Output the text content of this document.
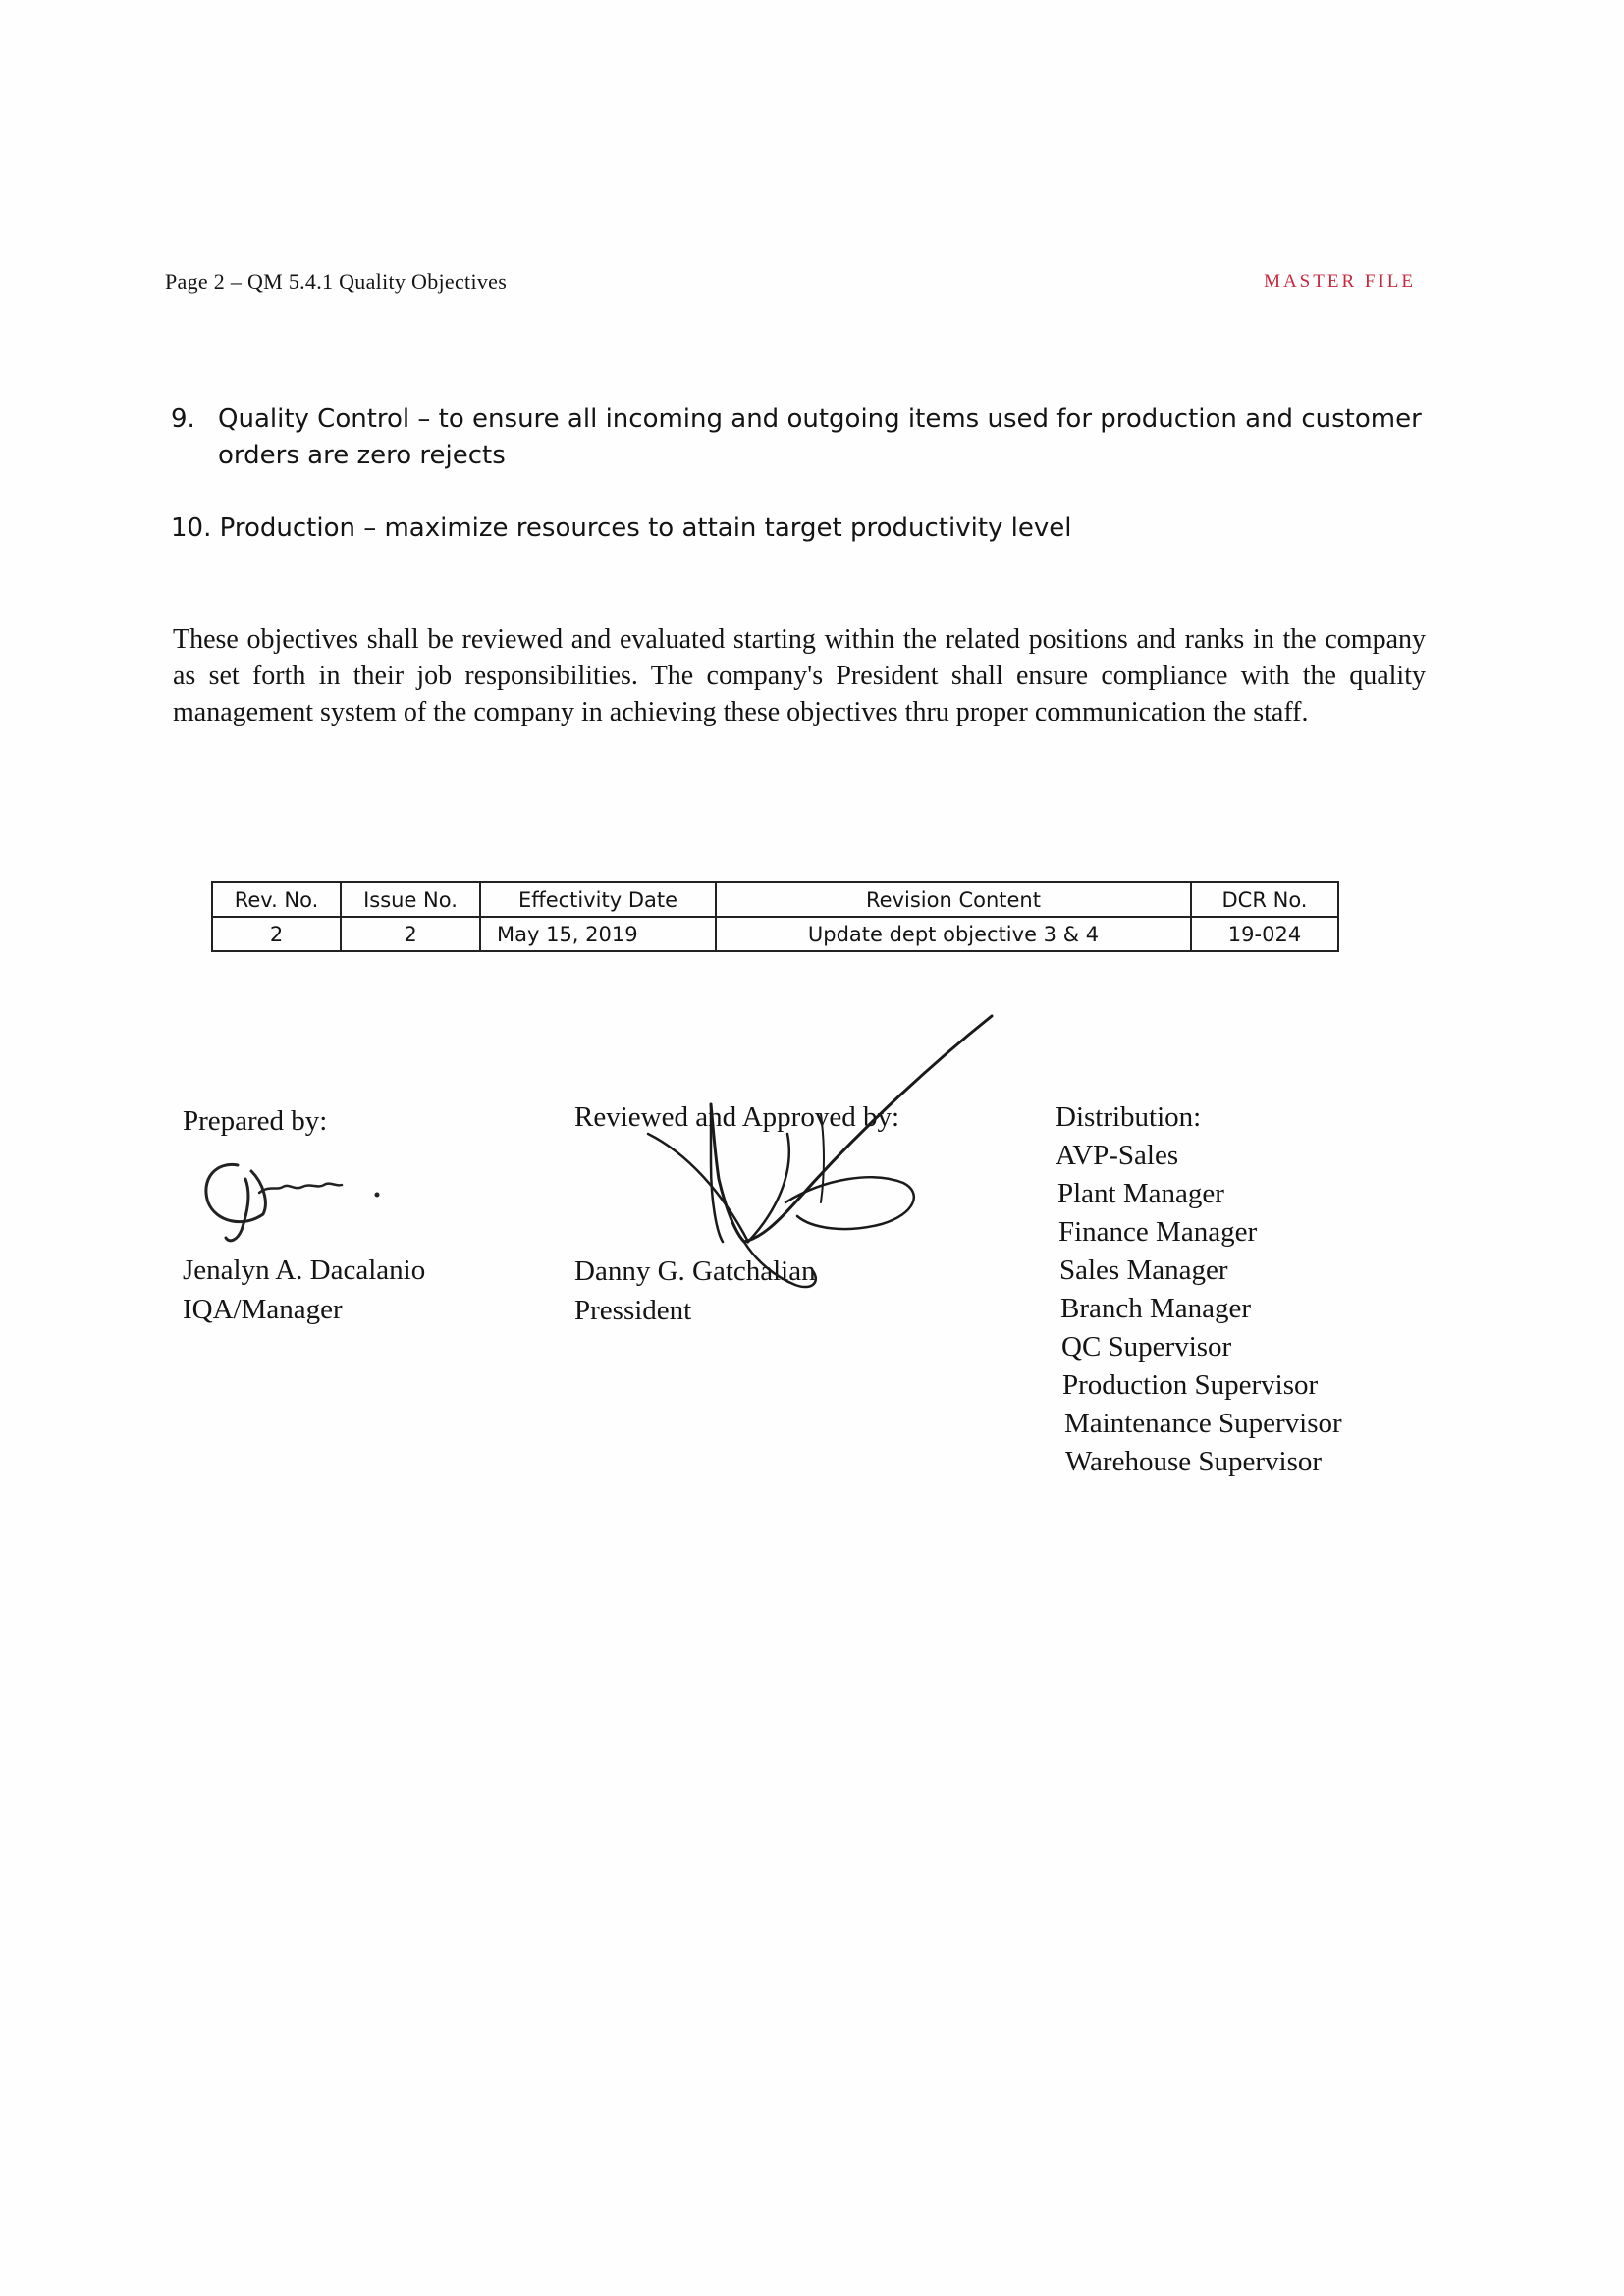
Page 2 – QM 5.4.1 Quality Objectives	MASTER FILE
9. Quality Control – to ensure all incoming and outgoing items used for production and customer orders are zero rejects
10. Production – maximize resources to attain target productivity level
These objectives shall be reviewed and evaluated starting within the related positions and ranks in the company as set forth in their job responsibilities. The company's President shall ensure compliance with the quality management system of the company in achieving these objectives thru proper communication the staff.
Rev. No.	Issue No.	Effectivity Date	Revision Content	DCR No.
2	2	May 15, 2019	Update dept objective 3 & 4	19-024
Prepared by:
Jenalyn A. Dacalanio
IQA/Manager
Reviewed and Approved by:
Danny G. Gatchalian
Pressident
Distribution:
AVP-Sales
Plant Manager
Finance Manager
Sales Manager
Branch Manager
QC Supervisor
Production Supervisor
Maintenance Supervisor
Warehouse Supervisor
